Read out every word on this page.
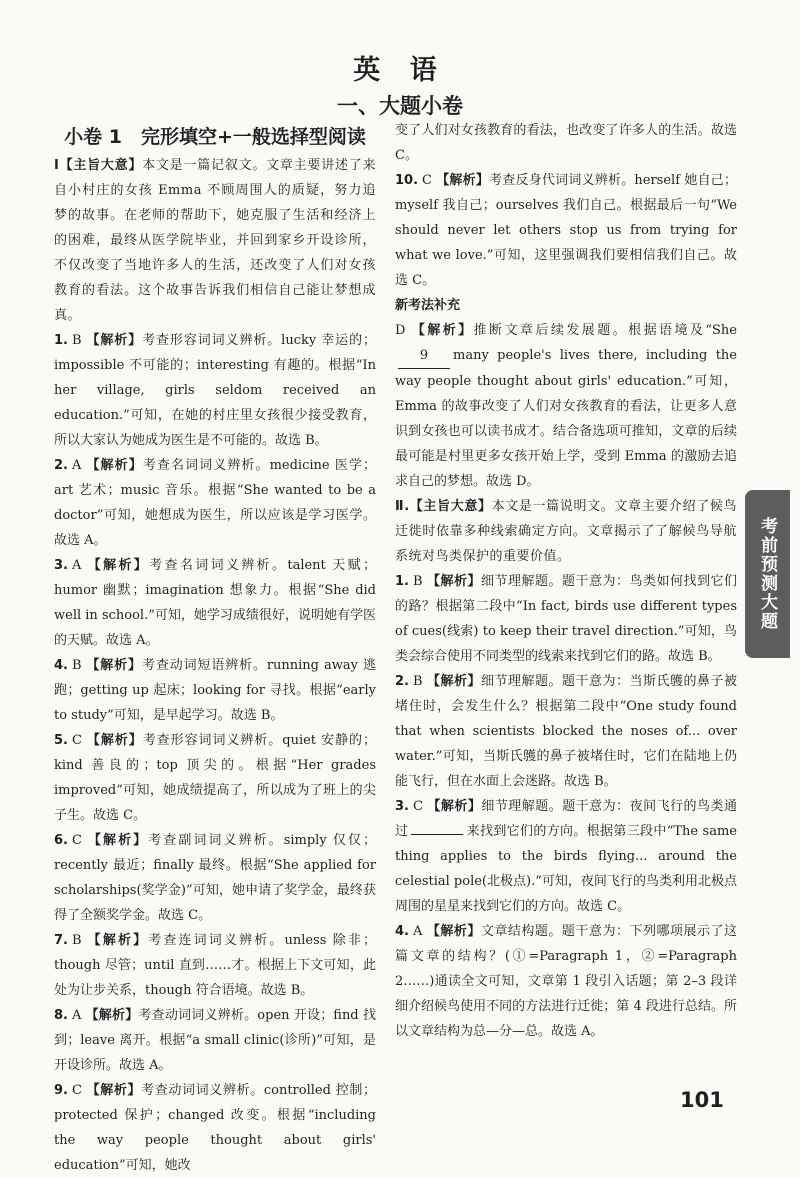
英 语
一、大题小卷
小卷 1　完形填空+一般选择型阅读

Ⅰ【主旨大意】本文是一篇记叙文。文章主要讲述了来自小村庄的女孩 Emma 不顾周围人的质疑，努力追梦的故事。在老师的帮助下，她克服了生活和经济上的困难，最终从医学院毕业，并回到家乡开设诊所，不仅改变了当地许多人的生活，还改变了人们对女孩教育的看法。这个故事告诉我们相信自己能让梦想成真。

1. B 【解析】考查形容词词义辨析。lucky 幸运的；impossible 不可能的；interesting 有趣的。根据“In her village, girls seldom received an education.”可知，在她的村庄里女孩很少接受教育，所以大家认为她成为医生是不可能的。故选 B。

2. A 【解析】考查名词词义辨析。medicine 医学；art 艺术；music 音乐。根据“She wanted to be a doctor”可知，她想成为医生，所以应该是学习医学。故选 A。

3. A 【解析】考查名词词义辨析。talent 天赋；humor 幽默；imagination 想象力。根据“She did well in school.”可知，她学习成绩很好，说明她有学医的天赋。故选 A。

4. B 【解析】考查动词短语辨析。running away 逃跑；getting up 起床；looking for 寻找。根据“early to study”可知，是早起学习。故选 B。

5. C 【解析】考查形容词词义辨析。quiet 安静的；kind 善良的；top 顶尖的。根据“Her grades improved”可知，她成绩提高了，所以成为了班上的尖子生。故选 C。

6. C 【解析】考查副词词义辨析。simply 仅仅；recently 最近；finally 最终。根据“She applied for scholarships(奖学金)”可知，她申请了奖学金，最终获得了全额奖学金。故选 C。

7. B 【解析】考查连词词义辨析。unless 除非；though 尽管；until 直到……才。根据上下文可知，此处为让步关系，though 符合语境。故选 B。

8. A 【解析】考查动词词义辨析。open 开设；find 找到；leave 离开。根据“a small clinic(诊所)”可知，是开设诊所。故选 A。

9. C 【解析】考查动词词义辨析。controlled 控制；protected 保护；changed 改变。根据“including the way people thought about girls' education”可知，她改

变了人们对女孩教育的看法，也改变了许多人的生活。故选 C。

10. C 【解析】考查反身代词词义辨析。herself 她自己；myself 我自己；ourselves 我们自己。根据最后一句“We should never let others stop us from trying for what we love.”可知，这里强调我们要相信我们自己。故选 C。

新考法补充

D 【解析】推断文章后续发展题。根据语境及“She9 many people's lives there, including the way people thought about girls' education.”可知，Emma 的故事改变了人们对女孩教育的看法，让更多人意识到女孩也可以读书成才。结合备选项可推知，文章的后续最可能是村里更多女孩开始上学，受到 Emma 的激励去追求自己的梦想。故选 D。

Ⅱ.【主旨大意】本文是一篇说明文。文章主要介绍了候鸟迁徙时依靠多种线索确定方向。文章揭示了了解候鸟导航系统对鸟类保护的重要价值。

1. B 【解析】细节理解题。题干意为：鸟类如何找到它们的路？根据第二段中“In fact, birds use different types of cues(线索) to keep their travel direction.”可知，鸟类会综合使用不同类型的线索来找到它们的路。故选 B。

2. B 【解析】细节理解题。题干意为：当斯氏鹱的鼻子被堵住时，会发生什么？根据第二段中“One study found that when scientists blocked the noses of... over water.”可知，当斯氏鹱的鼻子被堵住时，它们在陆地上仍能飞行，但在水面上会迷路。故选 B。

3. C 【解析】细节理解题。题干意为：夜间飞行的鸟类通过	来找到它们的方向。根据第三段中“The same thing applies to the birds flying... around the celestial pole(北极点).”可知，夜间飞行的鸟类利用北极点周围的星星来找到它们的方向。故选 C。

4. A 【解析】文章结构题。题干意为：下列哪项展示了这篇文章的结构？(①=Paragraph 1，②=Paragraph 2……)通读全文可知，文章第 1 段引入话题；第 2–3 段详细介绍候鸟使用不同的方法进行迁徙；第 4 段进行总结。所以文章结构为总—分—总。故选 A。

考前预测大题
101
